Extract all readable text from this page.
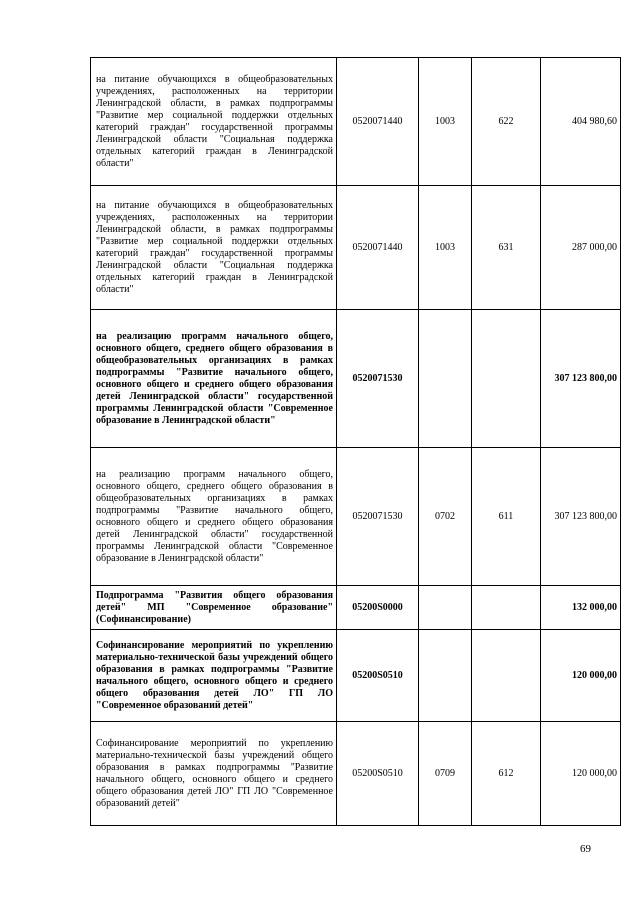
на питание обучающихся в общеобразовательных учреждениях, расположенных на территории Ленинградской области, в рамках подпрограммы "Развитие мер социальной поддержки отдельных категорий граждан" государственной программы Ленинградской области "Социальная поддержка отдельных категорий граждан в Ленинградской области"	0520071440	1003	622	404 980,60

на питание обучающихся в общеобразовательных учреждениях, расположенных на территории Ленинградской области, в рамках подпрограммы "Развитие мер социальной поддержки отдельных категорий граждан" государственной программы Ленинградской области "Социальная поддержка отдельных категорий граждан в Ленинградской области"	0520071440	1003	631	287 000,00

на реализацию программ начального общего, основного общего, среднего общего образования в общеобразовательных организациях в рамках подпрограммы "Развитие начального общего, основного общего и среднего общего образования детей Ленинградской области" государственной программы Ленинградской области "Современное образование в Ленинградской области"	0520071530			307 123 800,00

на реализацию программ начального общего, основного общего, среднего общего образования в общеобразовательных организациях в рамках подпрограммы "Развитие начального общего, основного общего и среднего общего образования детей Ленинградской области" государственной программы Ленинградской области "Современное образование в Ленинградской области"	0520071530	0702	611	307 123 800,00

Подпрограмма "Развития общего образования детей" МП "Современное образование" (Софинансирование)	05200S0000			132 000,00

Софинансирование мероприятий по укреплению материально-технической базы учреждений общего образования в рамках подпрограммы "Развитие начального общего, основного общего и среднего общего образования детей ЛО" ГП ЛО "Современное образований детей"	05200S0510			120 000,00

Софинансирование мероприятий по укреплению материально-технической базы учреждений общего образования в рамках подпрограммы "Развитие начального общего, основного общего и среднего общего образования детей ЛО" ГП ЛО "Современное образований детей"	05200S0510	0709	612	120 000,00
69
